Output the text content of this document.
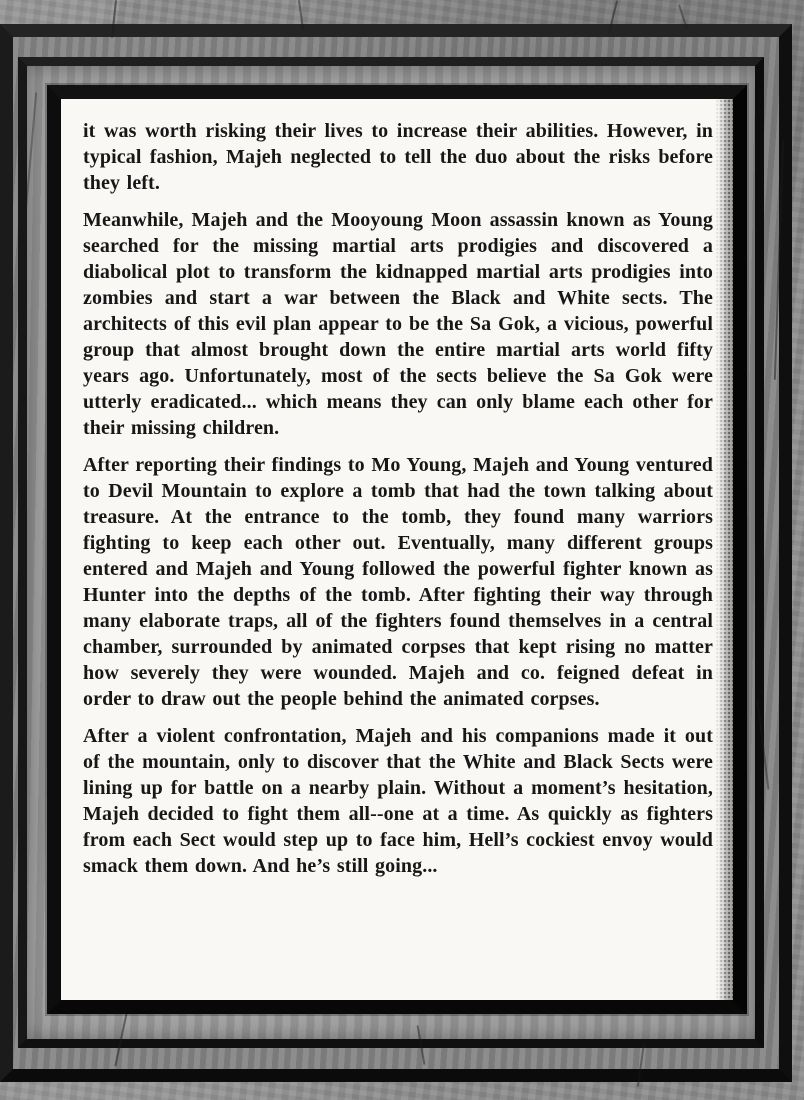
it was worth risking their lives to increase their abilities. However, in typical fashion, Majeh neglected to tell the duo about the risks before they left.

Meanwhile, Majeh and the Mooyoung Moon assassin known as Young searched for the missing martial arts prodigies and discovered a diabolical plot to transform the kidnapped martial arts prodigies into zombies and start a war between the Black and White sects. The architects of this evil plan appear to be the Sa Gok, a vicious, powerful group that almost brought down the entire martial arts world fifty years ago. Unfortunately, most of the sects believe the Sa Gok were utterly eradicated... which means they can only blame each other for their missing children.

After reporting their findings to Mo Young, Majeh and Young ventured to Devil Mountain to explore a tomb that had the town talking about treasure. At the entrance to the tomb, they found many warriors fighting to keep each other out. Eventually, many different groups entered and Majeh and Young followed the powerful fighter known as Hunter into the depths of the tomb. After fighting their way through many elaborate traps, all of the fighters found themselves in a central chamber, surrounded by animated corpses that kept rising no matter how severely they were wounded. Majeh and co. feigned defeat in order to draw out the people behind the animated corpses.

After a violent confrontation, Majeh and his companions made it out of the mountain, only to discover that the White and Black Sects were lining up for battle on a nearby plain. Without a moment’s hesitation, Majeh decided to fight them all--one at a time. As quickly as fighters from each Sect would step up to face him, Hell’s cockiest envoy would smack them down. And he’s still going...
